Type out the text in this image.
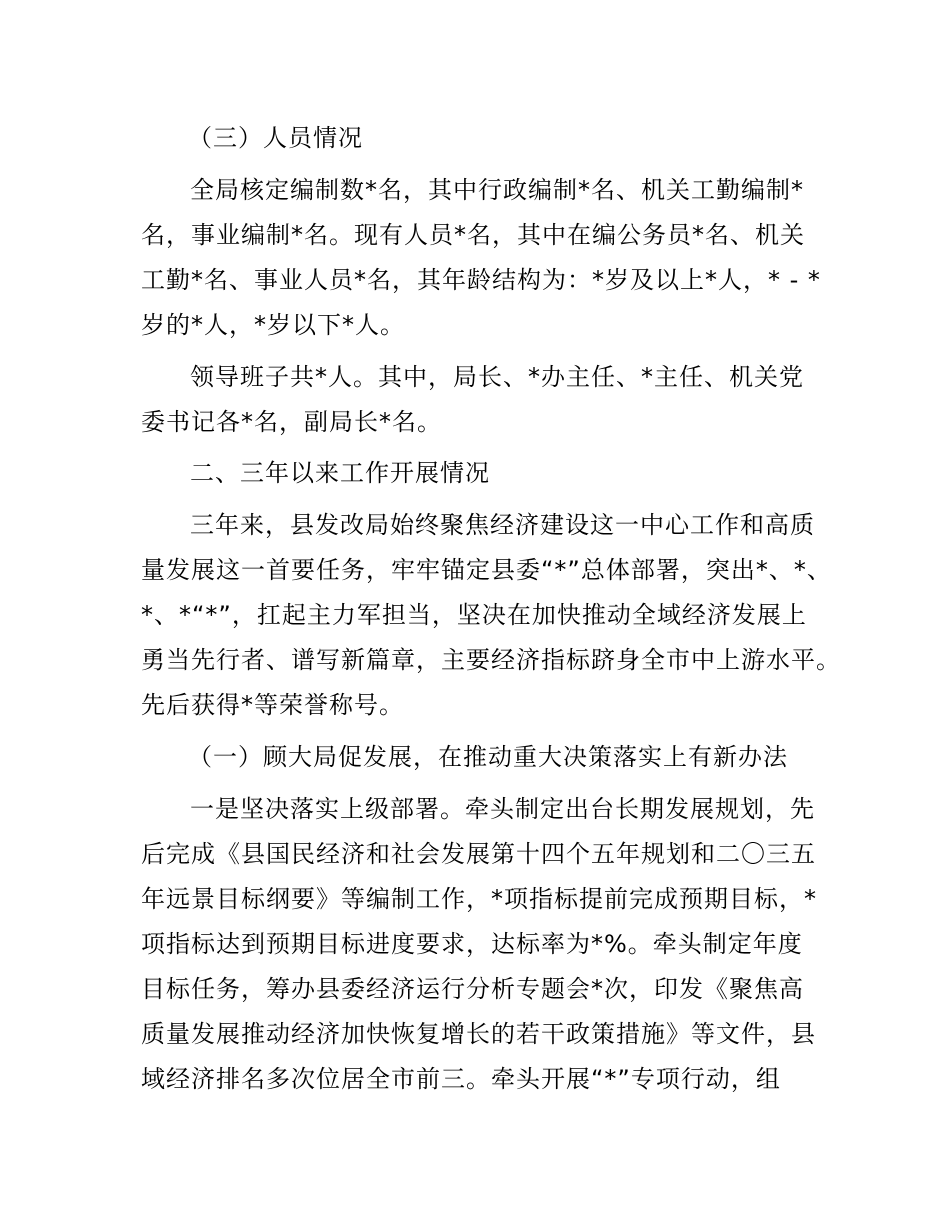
（三）人员情况
全局核定编制数*名，其中行政编制*名、机关工勤编制*
名，事业编制*名。现有人员*名，其中在编公务员*名、机关
工勤*名、事业人员*名，其年龄结构为：*岁及以上*人，* - *
岁的*人，*岁以下*人。
领导班子共*人。其中，局长、*办主任、*主任、机关党
委书记各*名，副局长*名。
二、三年以来工作开展情况
三年来，县发改局始终聚焦经济建设这一中心工作和高质
量发展这一首要任务，牢牢锚定县委“*”总体部署，突出*、*、
*、*“*”，扛起主力军担当，坚决在加快推动全域经济发展上
勇当先行者、谱写新篇章，主要经济指标跻身全市中上游水平。
先后获得*等荣誉称号。
（一）顾大局促发展，在推动重大决策落实上有新办法
一是坚决落实上级部署。牵头制定出台长期发展规划，先
后完成《县国民经济和社会发展第十四个五年规划和二〇三五
年远景目标纲要》等编制工作，*项指标提前完成预期目标，*
项指标达到预期目标进度要求，达标率为*%。牵头制定年度
目标任务，筹办县委经济运行分析专题会*次，印发《聚焦高
质量发展推动经济加快恢复增长的若干政策措施》等文件，县
域经济排名多次位居全市前三。牵头开展“*”专项行动，组
